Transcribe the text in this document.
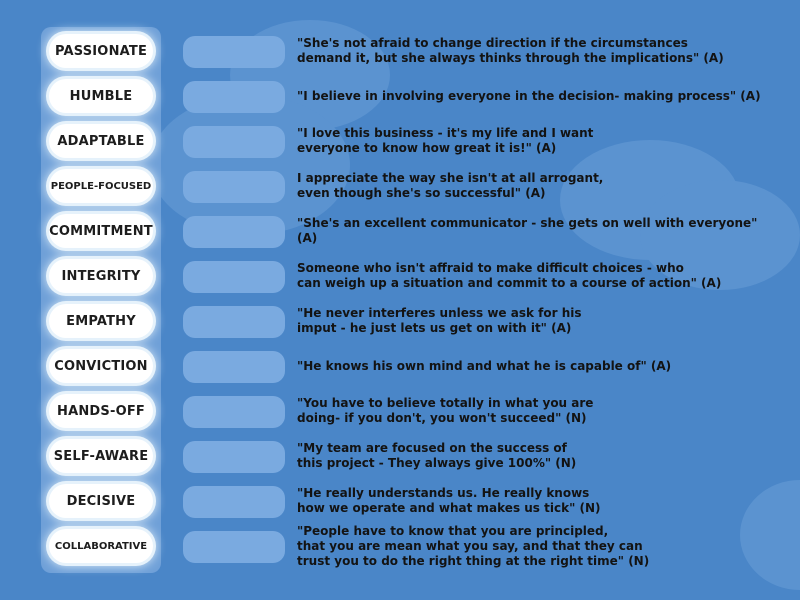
PASSIONATE
HUMBLE
ADAPTABLE
PEOPLE-FOCUSED
COMMITMENT
INTEGRITY
EMPATHY
CONVICTION
HANDS-OFF
SELF-AWARE
DECISIVE
COLLABORATIVE
"She's not afraid to change direction if the circumstances
demand it, but she always thinks through the implications" (A)
"I believe in involving everyone in the decision- making process" (A)
"I love this business - it's my life and I want
everyone to know how great it is!" (A)
I appreciate the way she isn't at all arrogant,
even though she's so successful" (A)
"She's an excellent communicator - she gets on well with everyone" (A)
Someone who isn't affraid to make difficult choices - who
can weigh up a situation and commit to a course of action" (A)
"He never interferes unless we ask for his
imput - he just lets us get on with it" (A)
"He knows his own mind and what he is capable of" (A)
"You have to believe totally in what you are
doing- if you don't, you won't succeed" (N)
"My team are focused on the success of
this project - They always give 100%" (N)
"He really understands us. He really knows
how we operate and what makes us tick" (N)
"People have to know that you are principled,
that you are mean what you say, and that they can
trust you to do the right thing at the right time" (N)
